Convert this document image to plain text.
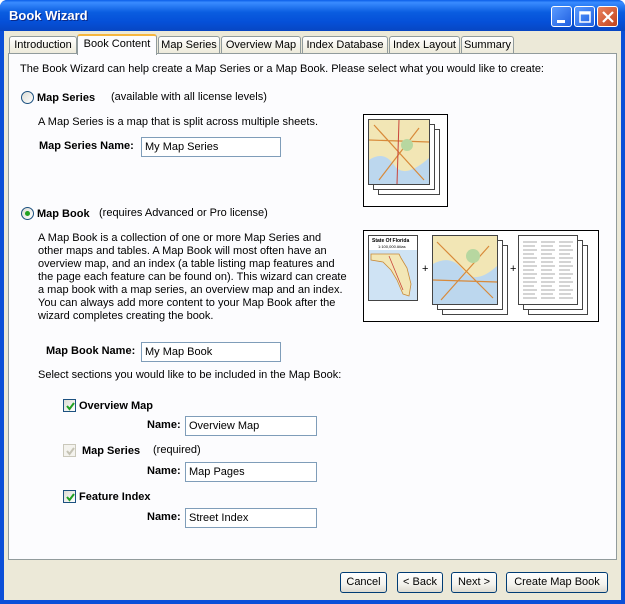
Book Wizard
Introduction	Book Content Map Series Overview Map Index Database Index Layout Summary
The Book Wizard can help create a Map Series or a Map Book. Please select what you would like to create:
Map Series (available with all license levels)
A Map Series is a map that is split across multiple sheets.
Map Series Name:	My Map Series
Map Book (requires Advanced or Pro license)
A Map Book is a collection of one or more Map Series and other maps and tables. A Map Book will most often have an overview map, and an index (a table listing map features and the page each feature can be found on). This wizard can create a map book with a map series, an overview map and an index. You can always add more content to your Map Book after the wizard completes creating the book.
State Of Florida
1:100,000 Atlas
+	+
Map Book Name: My Map Book
Select sections you would like to be included in the Map Book:
Overview Map
Name: Overview Map
Map Series (required)
Name: Map Pages
Feature Index
Name: Street Index
Cancel	< Back	Next >	Create Map Book
